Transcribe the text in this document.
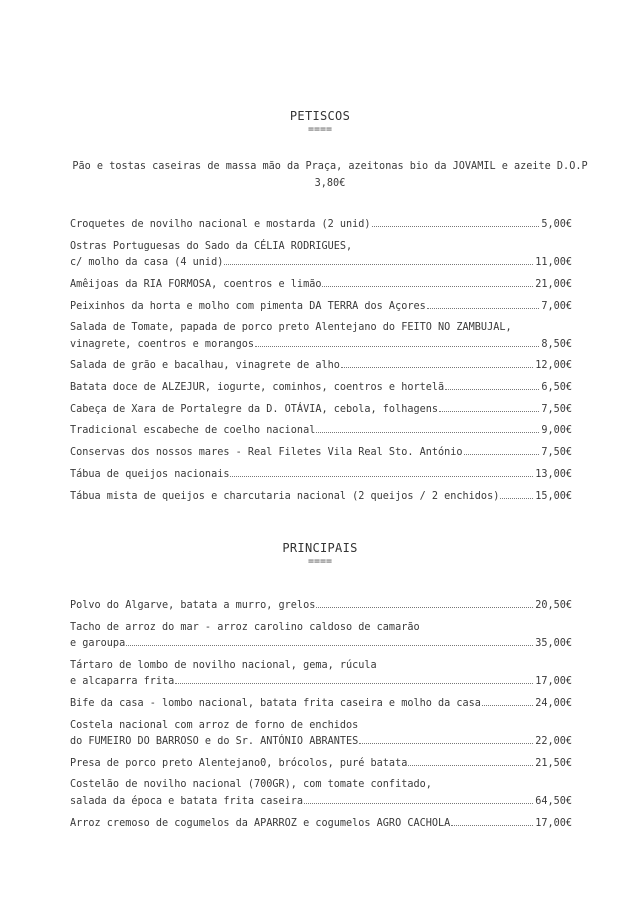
PETISCOS
====
Pão e tostas caseiras de massa mão da Praça, azeitonas bio da JOVAMIL e azeite D.O.P
3,80€
Croquetes de novilho nacional e mostarda (2 unid)	5,00€
Ostras Portuguesas do Sado da CÉLIA RODRIGUES,
c/ molho da casa (4 unid)	11,00€
Amêijoas da RIA FORMOSA, coentros e limão	21,00€
Peixinhos da horta e molho com pimenta DA TERRA dos Açores	7,00€
Salada de Tomate, papada de porco preto Alentejano do FEITO NO ZAMBUJAL,
vinagrete, coentros e morangos	8,50€
Salada de grão e bacalhau, vinagrete de alho	12,00€
Batata doce de ALZEJUR, iogurte, cominhos, coentros e hortelã	6,50€
Cabeça de Xara de Portalegre da D. OTÁVIA, cebola, folhagens	7,50€
Tradicional escabeche de coelho nacional	9,00€
Conservas dos nossos mares - Real Filetes Vila Real Sto. António	7,50€
Tábua de queijos nacionais	13,00€
Tábua mista de queijos e charcutaria nacional (2 queijos / 2 enchidos)	15,00€
PRINCIPAIS
====
Polvo do Algarve, batata a murro, grelos	20,50€
Tacho de arroz do mar - arroz carolino caldoso de camarão
e garoupa	35,00€
Tártaro de lombo de novilho nacional, gema, rúcula
e alcaparra frita	17,00€
Bife da casa - lombo nacional, batata frita caseira e molho da casa	24,00€
Costela nacional com arroz de forno de enchidos
do FUMEIRO DO BARROSO e do Sr. ANTÓNIO ABRANTES	22,00€
Presa de porco preto Alentejano0, brócolos, puré batata	21,50€
Costelão de novilho nacional (700GR), com tomate confitado,
salada da época e batata frita caseira	64,50€
Arroz cremoso de cogumelos da APARROZ e cogumelos AGRO CACHOLA	17,00€
